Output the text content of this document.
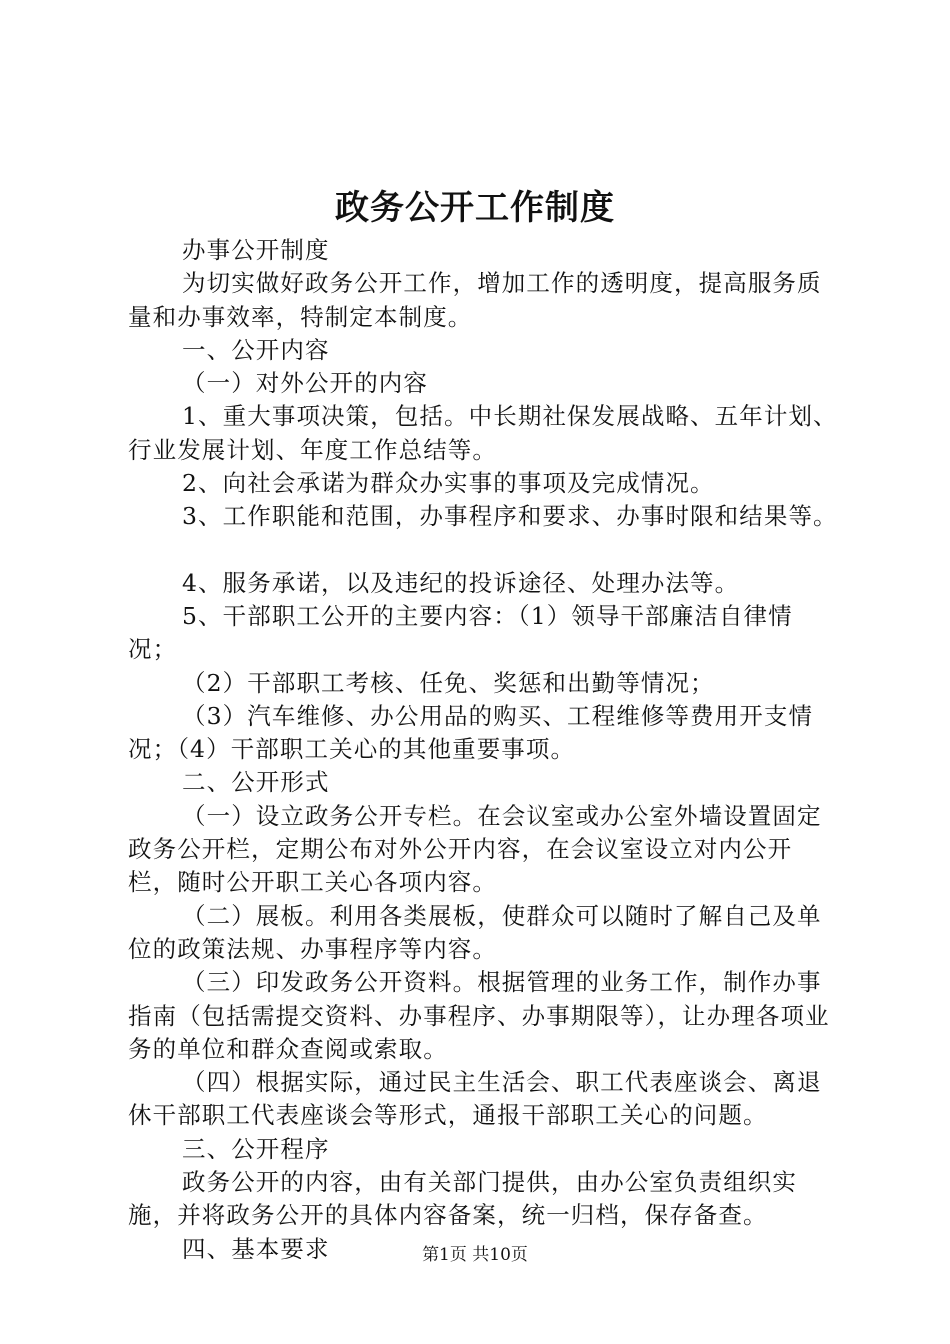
政务公开工作制度

办事公开制度

为切实做好政务公开工作，增加工作的透明度，提高服务质量和办事效率，特制定本制度。

一、公开内容

（一）对外公开的内容

1、重大事项决策，包括。中长期社保发展战略、五年计划、行业发展计划、年度工作总结等。

2、向社会承诺为群众办实事的事项及完成情况。

3、工作职能和范围，办事程序和要求、办事时限和结果等。

4、服务承诺，以及违纪的投诉途径、处理办法等。

5、干部职工公开的主要内容：（1）领导干部廉洁自律情况；

（2）干部职工考核、任免、奖惩和出勤等情况；

（3）汽车维修、办公用品的购买、工程维修等费用开支情况；（4）干部职工关心的其他重要事项。

二、公开形式

（一）设立政务公开专栏。在会议室或办公室外墙设置固定政务公开栏，定期公布对外公开内容，在会议室设立对内公开栏，随时公开职工关心各项内容。

（二）展板。利用各类展板，使群众可以随时了解自己及单位的政策法规、办事程序等内容。

（三）印发政务公开资料。根据管理的业务工作，制作办事指南（包括需提交资料、办事程序、办事期限等），让办理各项业务的单位和群众查阅或索取。

（四）根据实际，通过民主生活会、职工代表座谈会、离退休干部职工代表座谈会等形式，通报干部职工关心的问题。

三、公开程序

政务公开的内容，由有关部门提供，由办公室负责组织实施，并将政务公开的具体内容备案，统一归档，保存备查。

四、基本要求	第1页 共10页
